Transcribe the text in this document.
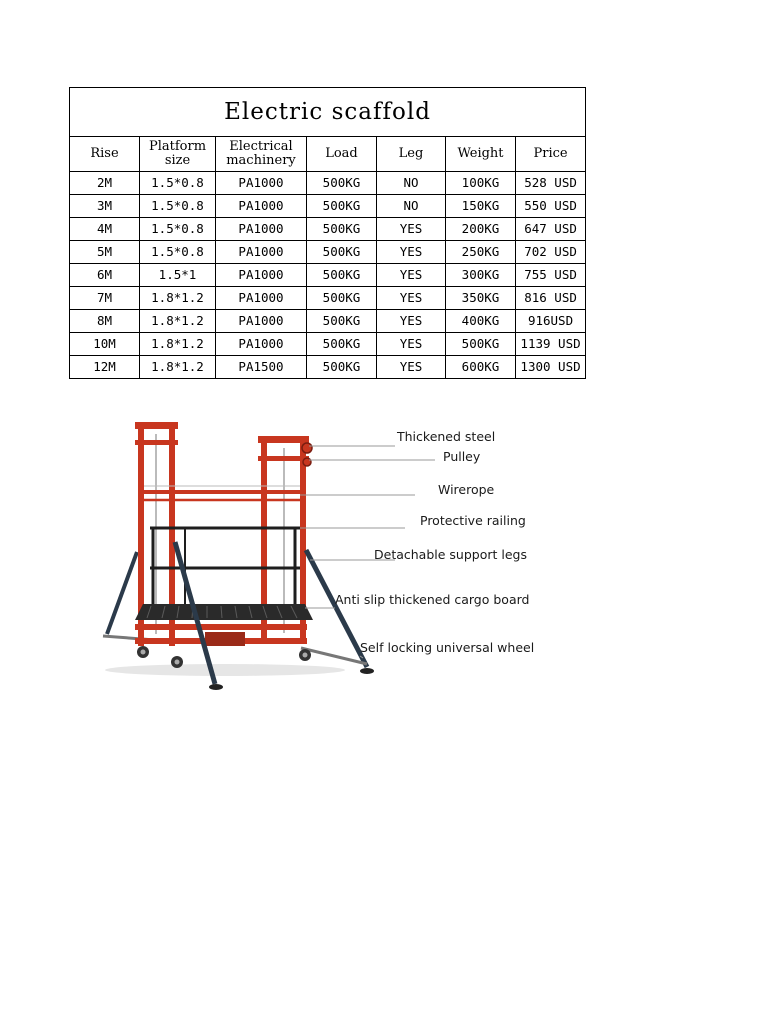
Electric scaffold						
Rise	Platform size	Electrical machinery	Load	Leg	Weight	Price
2M	1.5*0.8	PA1000	500KG	NO	100KG	528 USD
3M	1.5*0.8	PA1000	500KG	NO	150KG	550 USD
4M	1.5*0.8	PA1000	500KG	YES	200KG	647 USD
5M	1.5*0.8	PA1000	500KG	YES	250KG	702 USD
6M	1.5*1	PA1000	500KG	YES	300KG	755 USD
7M	1.8*1.2	PA1000	500KG	YES	350KG	816 USD
8M	1.8*1.2	PA1000	500KG	YES	400KG	916USD
10M	1.8*1.2	PA1000	500KG	YES	500KG	1139 USD
12M	1.8*1.2	PA1500	500KG	YES	600KG	1300 USD
Thickened steel
Pulley
Wirerope
Protective railing
Detachable support legs
Anti slip thickened cargo board
Self locking universal wheel
